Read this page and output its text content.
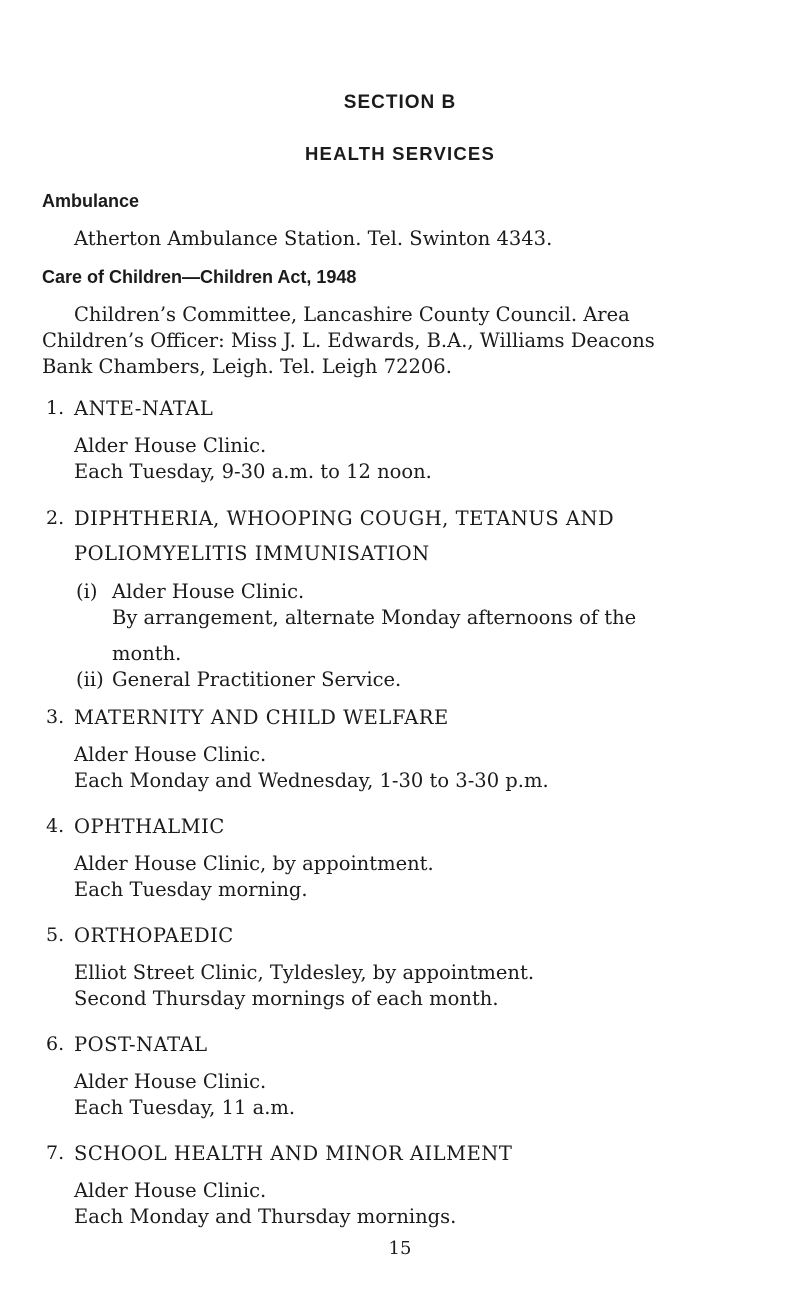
SECTION B
HEALTH SERVICES
Ambulance
Atherton Ambulance Station. Tel. Swinton 4343.
Care of Children—Children Act, 1948
Children’s Committee, Lancashire County Council. Area
Children’s Officer: Miss J. L. Edwards, B.A., Williams Deacons
Bank Chambers, Leigh. Tel. Leigh 72206.
1. ANTE-NATAL
Alder House Clinic.
Each Tuesday, 9-30 a.m. to 12 noon.
2. DIPHTHERIA, WHOOPING COUGH, TETANUS AND
POLIOMYELITIS IMMUNISATION
(i) Alder House Clinic.
By arrangement, alternate Monday afternoons of the
month.
(ii) General Practitioner Service.
3. MATERNITY AND CHILD WELFARE
Alder House Clinic.
Each Monday and Wednesday, 1-30 to 3-30 p.m.
4. OPHTHALMIC
Alder House Clinic, by appointment.
Each Tuesday morning.
5. ORTHOPAEDIC
Elliot Street Clinic, Tyldesley, by appointment.
Second Thursday mornings of each month.
6. POST-NATAL
Alder House Clinic.
Each Tuesday, 11 a.m.
7. SCHOOL HEALTH AND MINOR AILMENT
Alder House Clinic.
Each Monday and Thursday mornings.
15
